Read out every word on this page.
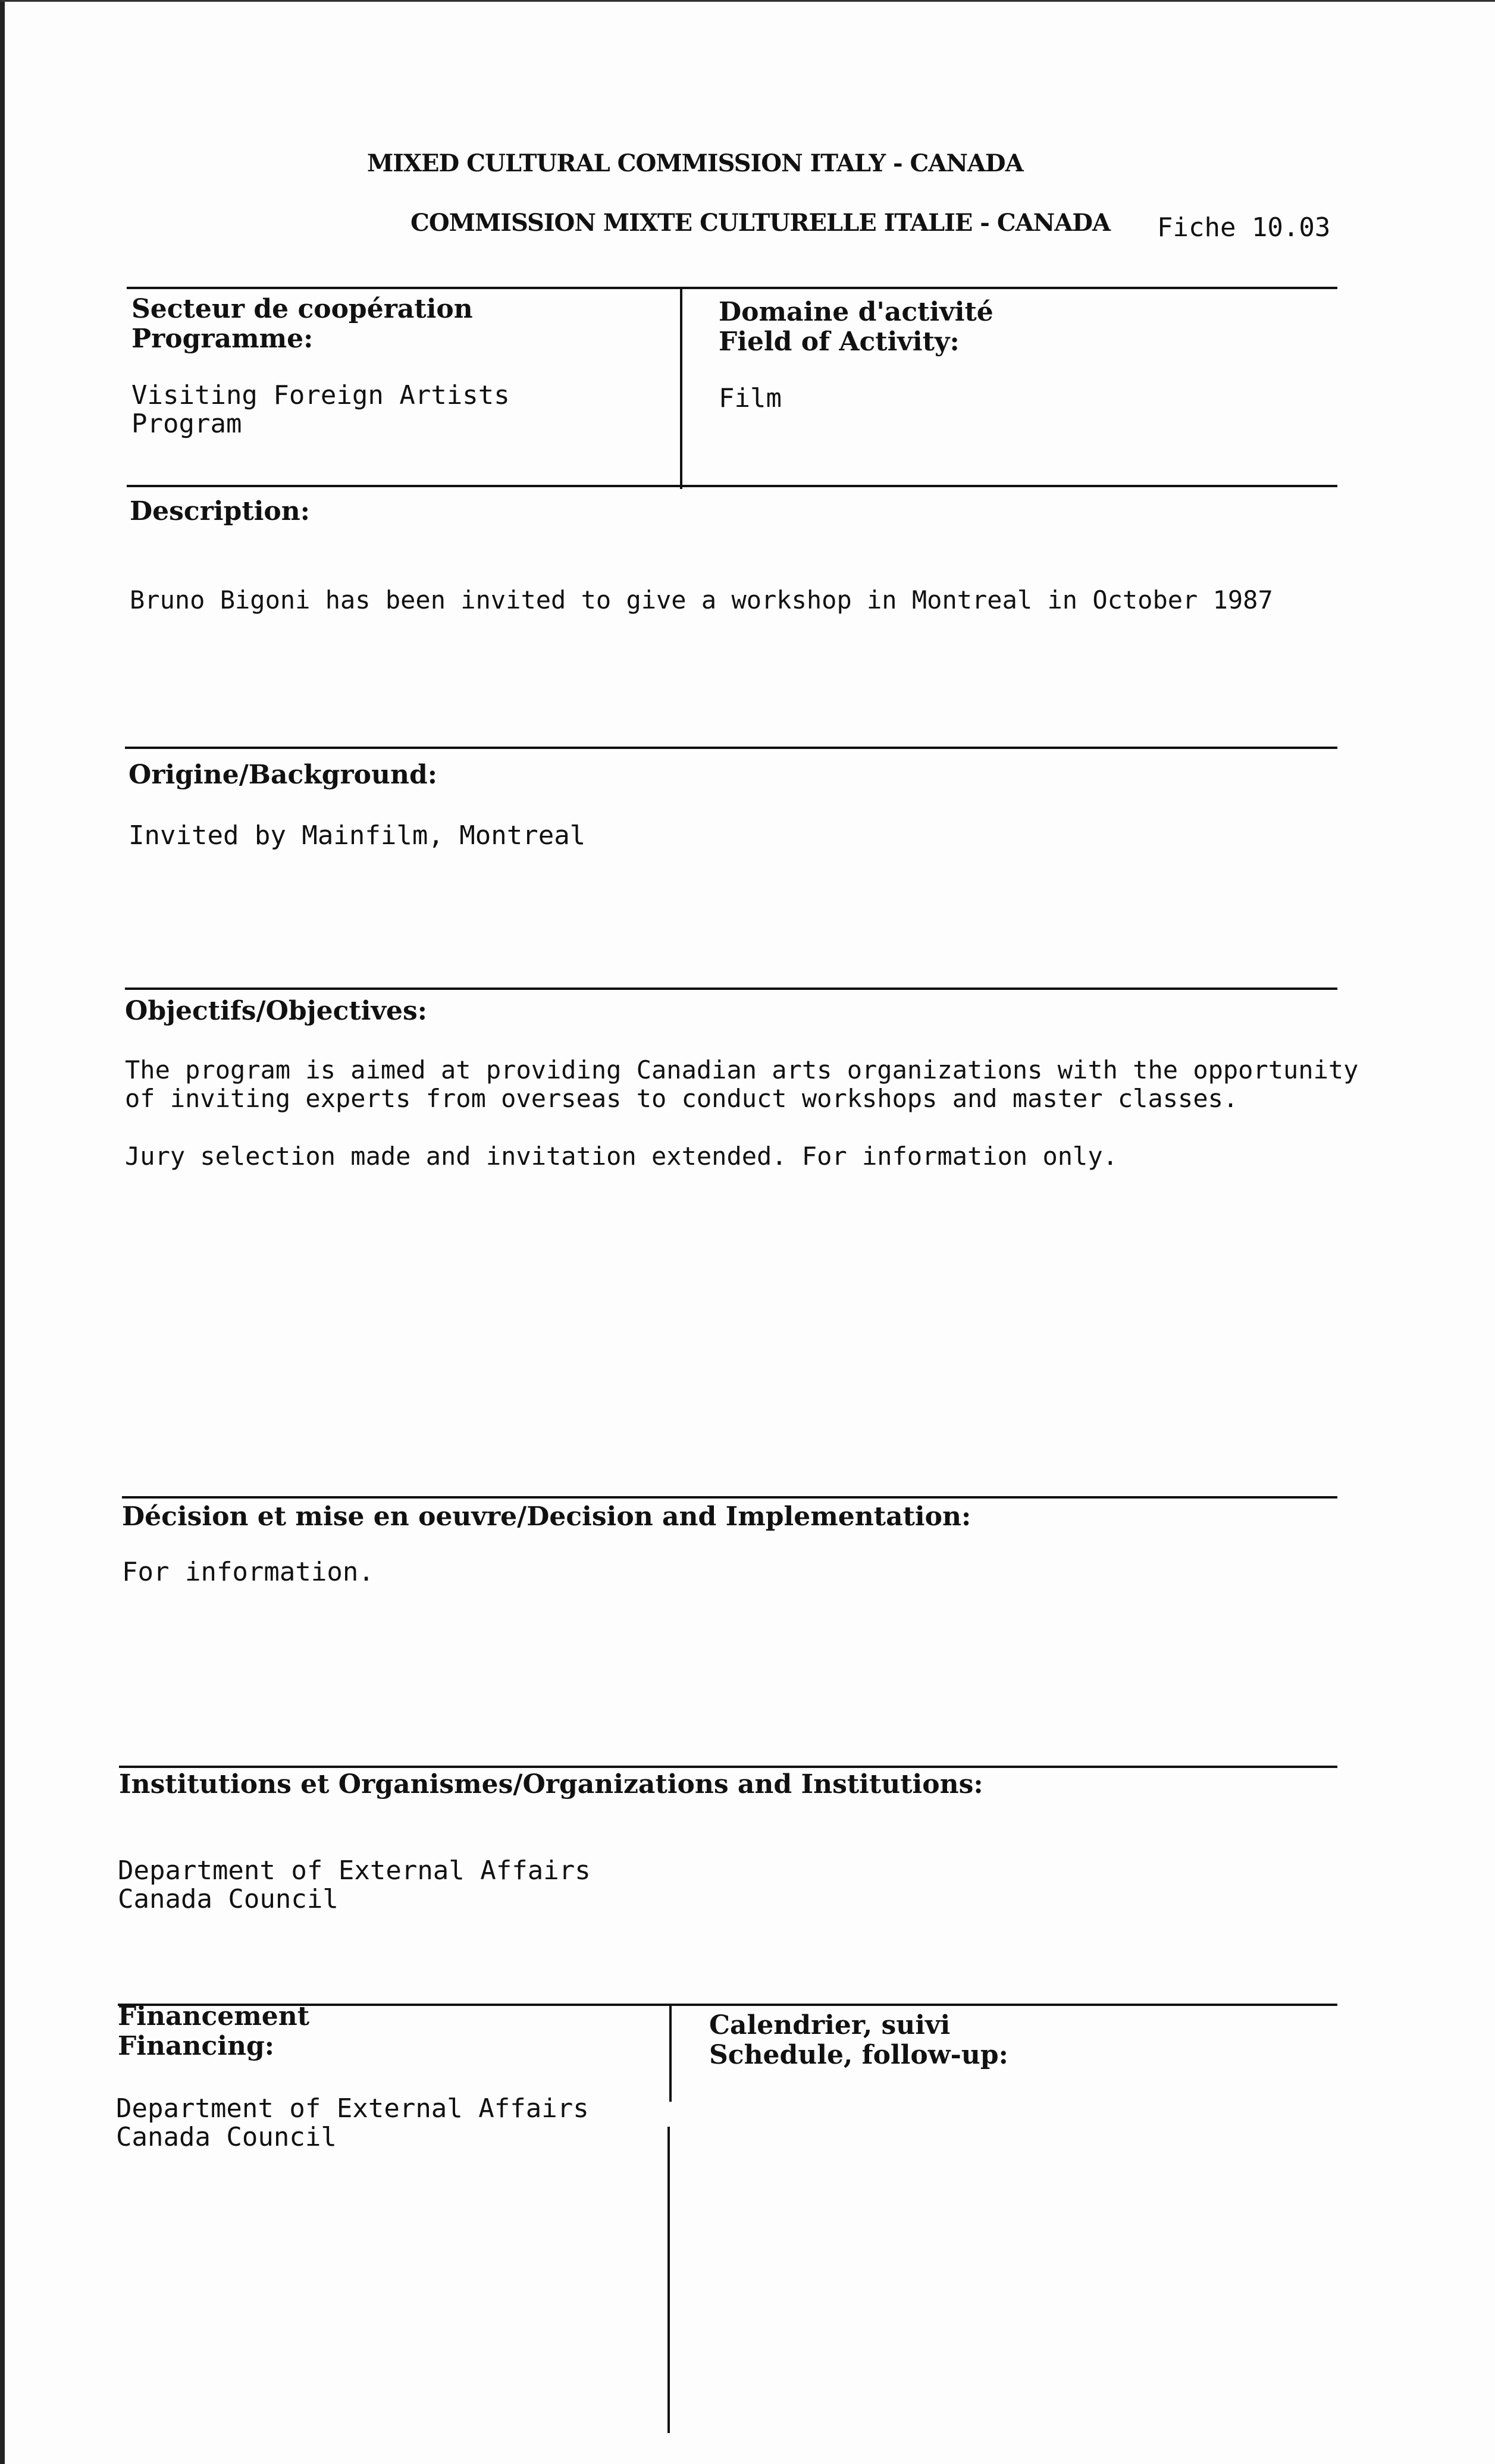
MIXED CULTURAL COMMISSION ITALY - CANADA
COMMISSION MIXTE CULTURELLE ITALIE - CANADA Fiche 10.03
Secteur de coopération
Programme:
Visiting Foreign Artists
Program
Domaine d'activité
Field of Activity:
Film
Description:
Bruno Bigoni has been invited to give a workshop in Montreal in October 1987
Origine/Background:
Invited by Mainfilm, Montreal
Objectifs/Objectives:
The program is aimed at providing Canadian arts organizations with the opportunity
of inviting experts from overseas to conduct workshops and master classes.
Jury selection made and invitation extended. For information only.
Décision et mise en oeuvre/Decision and Implementation:
For information.
Institutions et Organismes/Organizations and Institutions:
Department of External Affairs
Canada Council
Financement
Financing:
Department of External Affairs
Canada Council
Calendrier, suivi
Schedule, follow-up:
